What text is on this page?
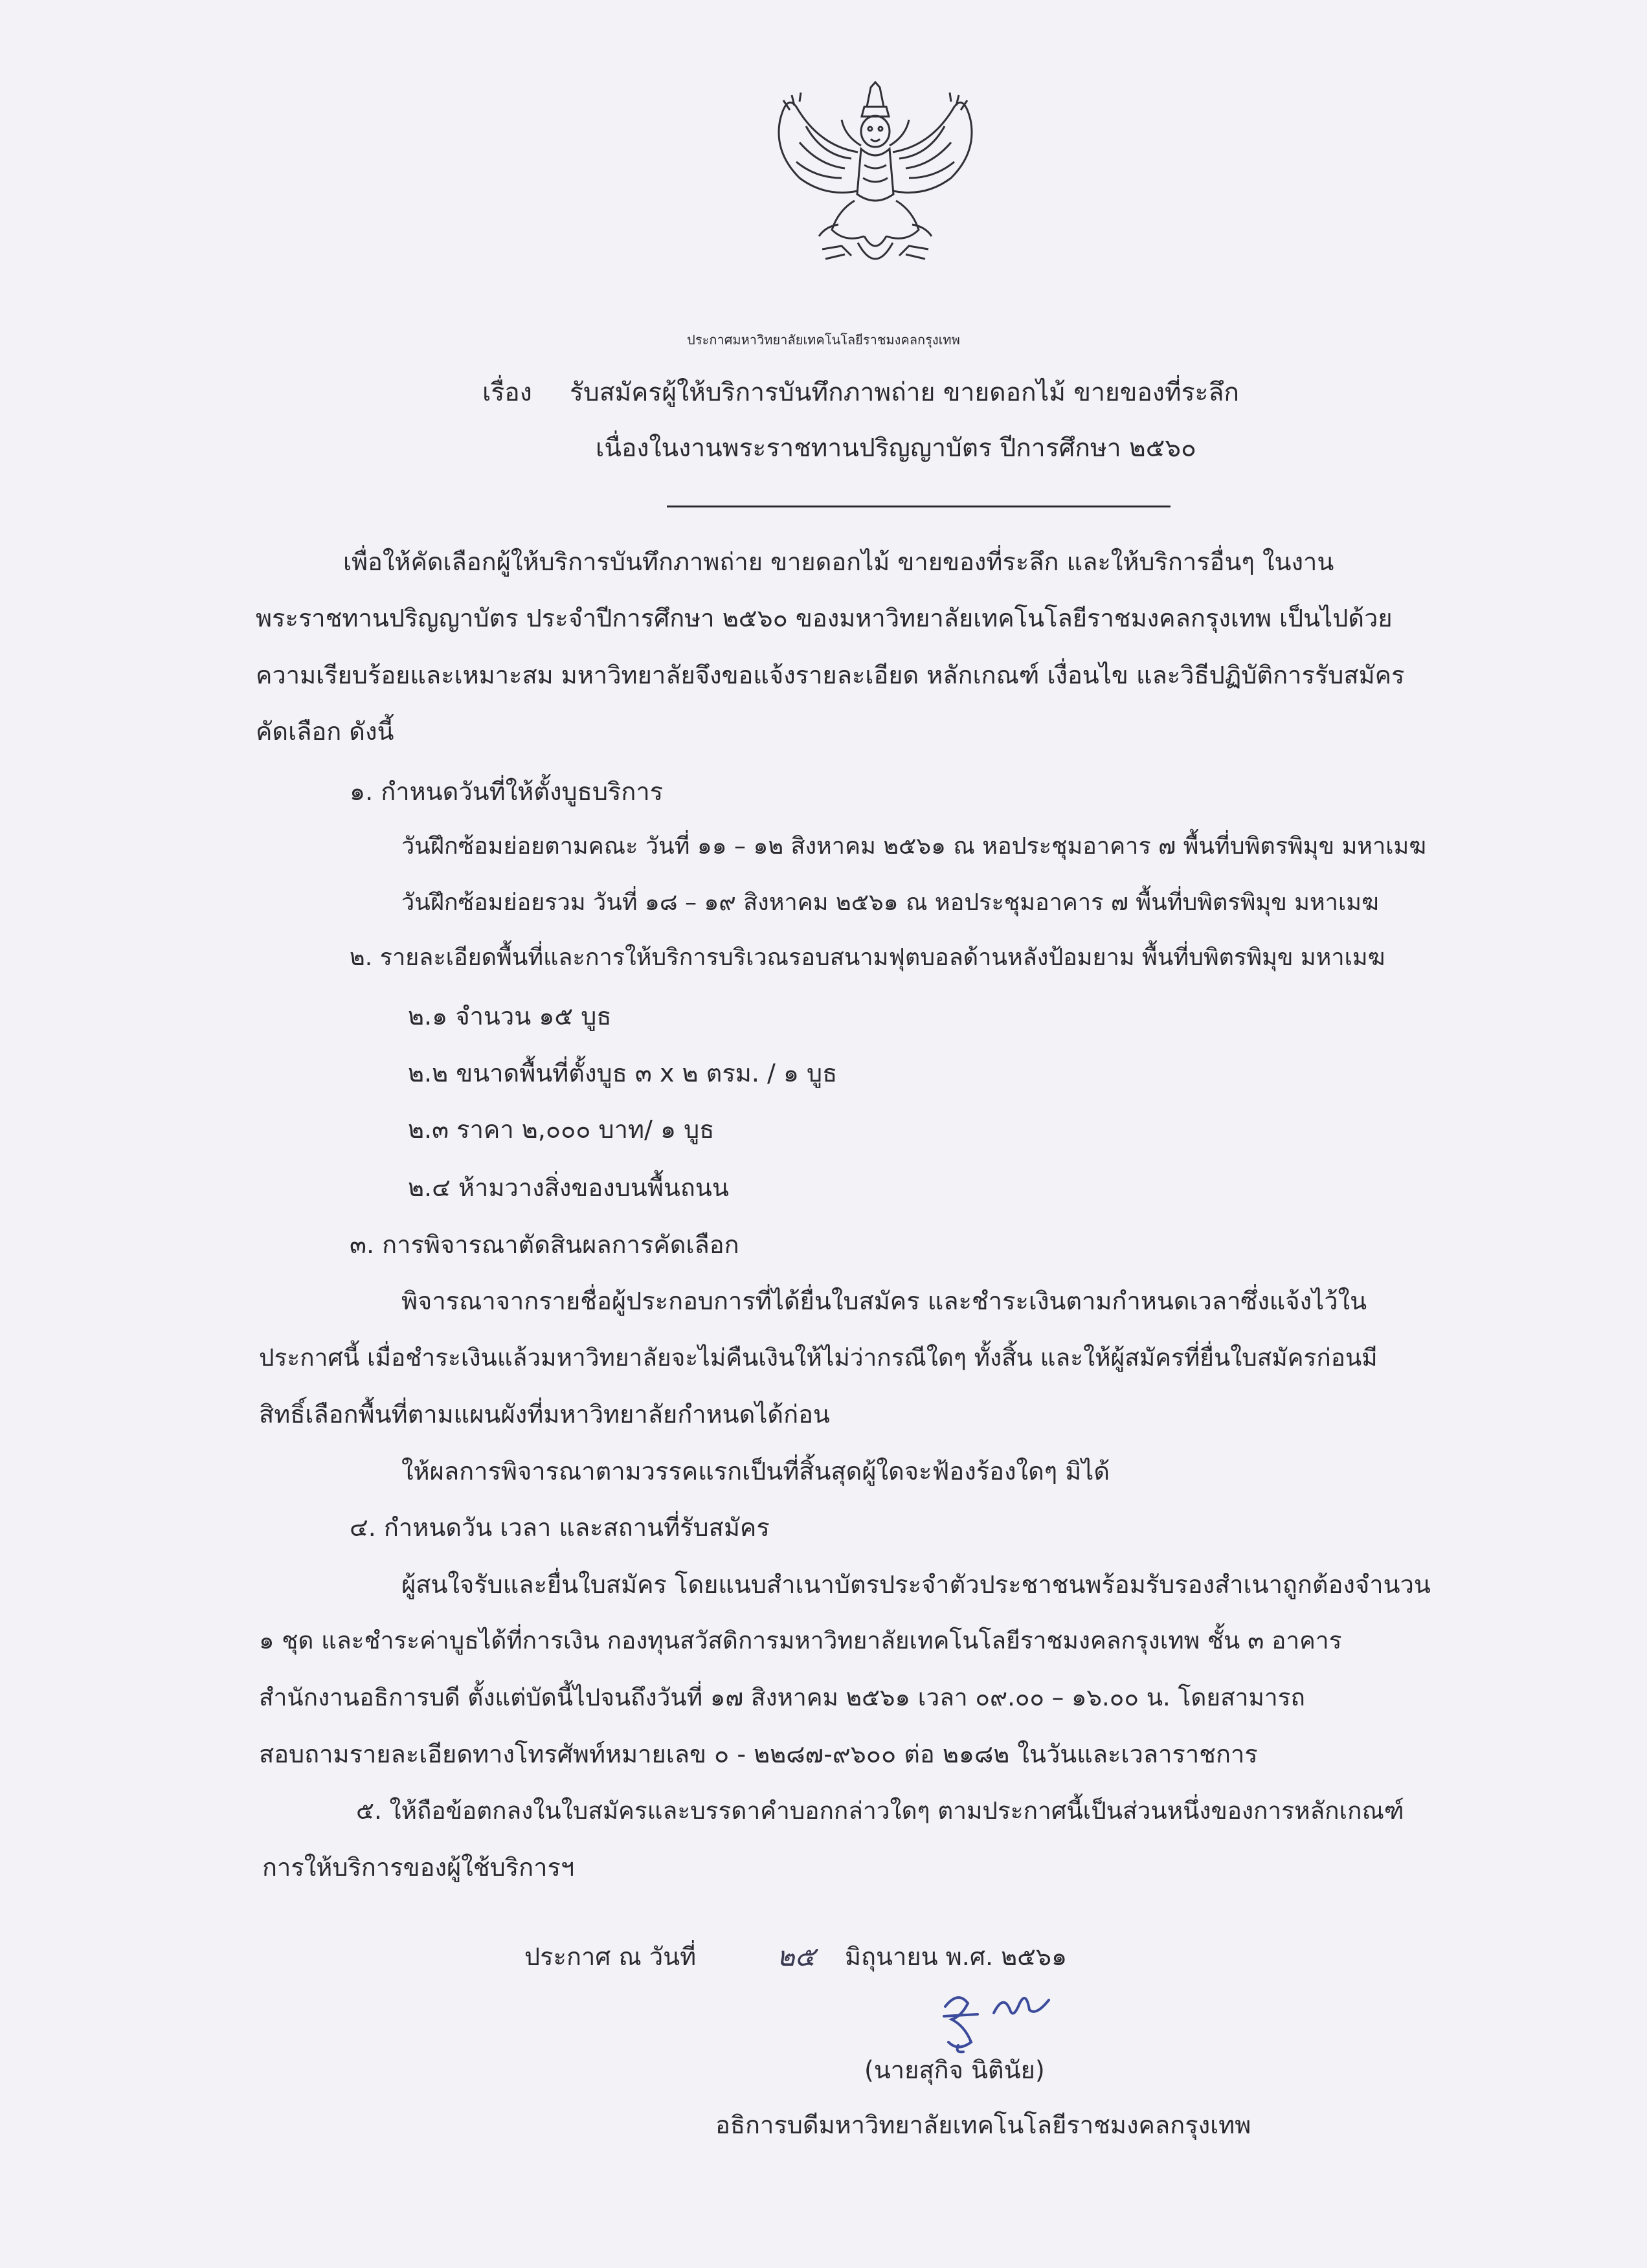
ประกาศมหาวิทยาลัยเทคโนโลยีราชมงคลกรุงเทพ
เรื่อง รับสมัครผู้ให้บริการบันทึกภาพถ่าย ขายดอกไม้ ขายของที่ระลึก
เนื่องในงานพระราชทานปริญญาบัตร ปีการศึกษา ๒๕๖๐
เพื่อให้คัดเลือกผู้ให้บริการบันทึกภาพถ่าย ขายดอกไม้ ขายของที่ระลึก และให้บริการอื่นๆ ในงาน
พระราชทานปริญญาบัตร ประจำปีการศึกษา ๒๕๖๐ ของมหาวิทยาลัยเทคโนโลยีราชมงคลกรุงเทพ เป็นไปด้วย
ความเรียบร้อยและเหมาะสม มหาวิทยาลัยจึงขอแจ้งรายละเอียด หลักเกณฑ์ เงื่อนไข และวิธีปฏิบัติการรับสมัคร
คัดเลือก ดังนี้
๑. กำหนดวันที่ให้ตั้งบูธบริการ
วันฝึกซ้อมย่อยตามคณะ วันที่ ๑๑ – ๑๒ สิงหาคม ๒๕๖๑ ณ หอประชุมอาคาร ๗ พื้นที่บพิตรพิมุข มหาเมฆ
วันฝึกซ้อมย่อยรวม วันที่ ๑๘ – ๑๙ สิงหาคม ๒๕๖๑ ณ หอประชุมอาคาร ๗ พื้นที่บพิตรพิมุข มหาเมฆ
๒. รายละเอียดพื้นที่และการให้บริการบริเวณรอบสนามฟุตบอลด้านหลังป้อมยาม พื้นที่บพิตรพิมุข มหาเมฆ
๒.๑ จำนวน ๑๕ บูธ
๒.๒ ขนาดพื้นที่ตั้งบูธ ๓ x ๒ ตรม. / ๑ บูธ
๒.๓ ราคา ๒,๐๐๐ บาท/ ๑ บูธ
๒.๔ ห้ามวางสิ่งของบนพื้นถนน
๓. การพิจารณาตัดสินผลการคัดเลือก
พิจารณาจากรายชื่อผู้ประกอบการที่ได้ยื่นใบสมัคร และชำระเงินตามกำหนดเวลาซึ่งแจ้งไว้ใน
ประกาศนี้ เมื่อชำระเงินแล้วมหาวิทยาลัยจะไม่คืนเงินให้ไม่ว่ากรณีใดๆ ทั้งสิ้น และให้ผู้สมัครที่ยื่นใบสมัครก่อนมี
สิทธิ์เลือกพื้นที่ตามแผนผังที่มหาวิทยาลัยกำหนดได้ก่อน
ให้ผลการพิจารณาตามวรรคแรกเป็นที่สิ้นสุดผู้ใดจะฟ้องร้องใดๆ มิได้
๔. กำหนดวัน เวลา และสถานที่รับสมัคร
ผู้สนใจรับและยื่นใบสมัคร โดยแนบสำเนาบัตรประจำตัวประชาชนพร้อมรับรองสำเนาถูกต้องจำนวน
๑ ชุด และชำระค่าบูธได้ที่การเงิน กองทุนสวัสดิการมหาวิทยาลัยเทคโนโลยีราชมงคลกรุงเทพ ชั้น ๓ อาคาร
สำนักงานอธิการบดี ตั้งแต่บัดนี้ไปจนถึงวันที่ ๑๗ สิงหาคม ๒๕๖๑ เวลา ๐๙.๐๐ – ๑๖.๐๐ น. โดยสามารถ
สอบถามรายละเอียดทางโทรศัพท์หมายเลข ๐ - ๒๒๘๗-๙๖๐๐ ต่อ ๒๑๘๒ ในวันและเวลาราชการ
๕. ให้ถือข้อตกลงในใบสมัครและบรรดาคำบอกกล่าวใดๆ ตามประกาศนี้เป็นส่วนหนึ่งของการหลักเกณฑ์
การให้บริการของผู้ใช้บริการฯ
ประกาศ ณ วันที่	๒๕ มิถุนายน พ.ศ. ๒๕๖๑
(นายสุกิจ นิตินัย)
อธิการบดีมหาวิทยาลัยเทคโนโลยีราชมงคลกรุงเทพ
